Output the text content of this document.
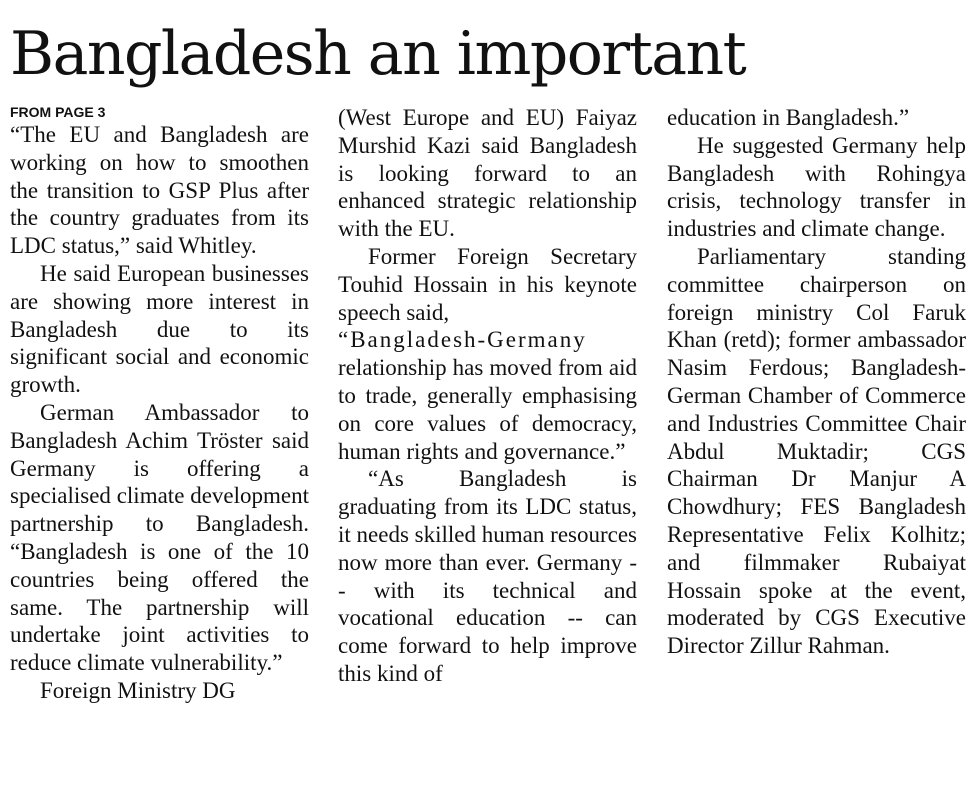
Bangladesh an important
FROM PAGE 3

“The EU and Bangladesh are working on how to smoothen the transition to GSP Plus after the country graduates from its LDC status,” said Whitley.

He said European businesses are showing more interest in Bangladesh due to its significant social and economic growth.

German Ambassador to Bangladesh Achim Tröster said Germany is offering a specialised climate development partnership to Bangladesh. “Bangladesh is one of the 10 countries being offered the same. The partnership will undertake joint activities to reduce climate vulnerability.”

Foreign Ministry DG

(West Europe and EU) Faiyaz Murshid Kazi said Bangladesh is looking forward to an enhanced strategic relationship with the EU.

Former Foreign Secretary Touhid Hossain in his keynote speech said,

“Bangladesh-Germany

relationship has moved from aid to trade, generally emphasising on core values of democracy, human rights and governance.”

“As Bangladesh is graduating from its LDC status, it needs skilled human resources now more than ever. Germany -- with its technical and vocational education -- can come forward to help improve this kind of

education in Bangladesh.”

He suggested Germany help Bangladesh with Rohingya crisis, technology transfer in industries and climate change.

Parliamentary standing committee chairperson on foreign ministry Col Faruk Khan (retd); former ambassador Nasim Ferdous; Bangladesh-German Chamber of Commerce and Industries Committee Chair Abdul Muktadir; CGS Chairman Dr Manjur A Chowdhury; FES Bangladesh Representative Felix Kolhitz; and filmmaker Rubaiyat Hossain spoke at the event, moderated by CGS Executive Director Zillur Rahman.
